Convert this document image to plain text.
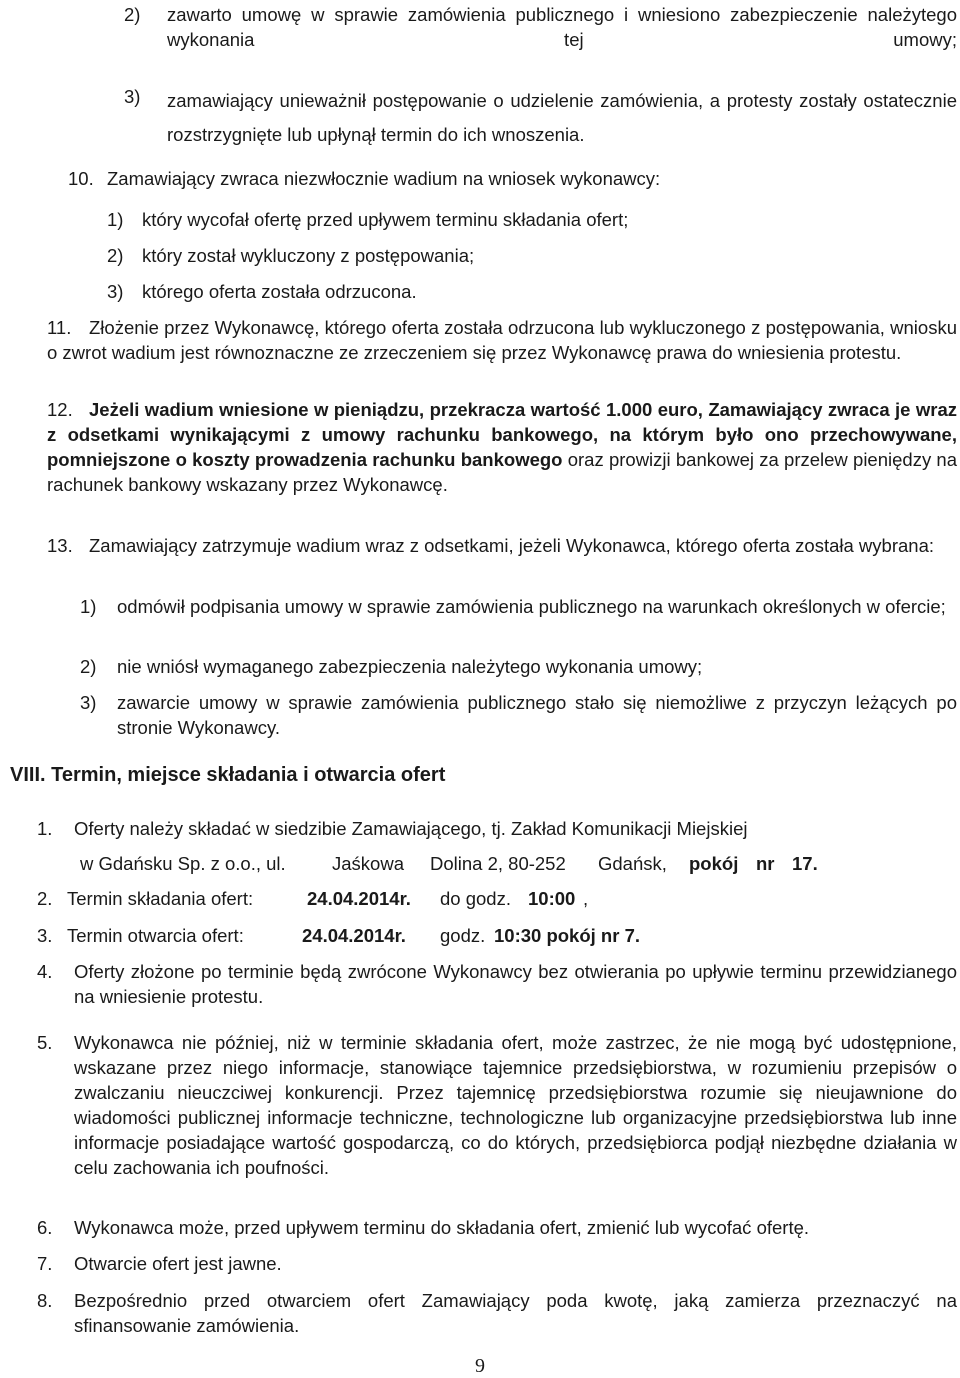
2) zawarto umowę w sprawie zamówienia publicznego i wniesiono zabezpieczenie należytego wykonania tej umowy;
3) zamawiający unieważnił postępowanie o udzielenie zamówienia, a protesty zostały ostatecznie rozstrzygnięte lub upłynął termin do ich wnoszenia.
10. Zamawiający zwraca niezwłocznie wadium na wniosek wykonawcy:
1) który wycofał ofertę przed upływem terminu składania ofert;
2) który został wykluczony z postępowania;
3) którego oferta została odrzucona.
11. Złożenie przez Wykonawcę, którego oferta została odrzucona lub wykluczonego z postępowania, wniosku o zwrot wadium jest równoznaczne ze zrzeczeniem się przez Wykonawcę prawa do wniesienia protestu.
12. Jeżeli wadium wniesione w pieniądzu, przekracza wartość 1.000 euro, Zamawiający zwraca je wraz z odsetkami wynikającymi z umowy rachunku bankowego, na którym było ono przechowywane, pomniejszone o koszty prowadzenia rachunku bankowego oraz prowizji bankowej za przelew pieniędzy na rachunek bankowy wskazany przez Wykonawcę.
13. Zamawiający zatrzymuje wadium wraz z odsetkami, jeżeli Wykonawca, którego oferta została wybrana:
1) odmówił podpisania umowy w sprawie zamówienia publicznego na warunkach określonych w ofercie;
2) nie wniósł wymaganego zabezpieczenia należytego wykonania umowy;
3) zawarcie umowy w sprawie zamówienia publicznego stało się niemożliwe z przyczyn leżących po stronie Wykonawcy.
VIII. Termin, miejsce składania i otwarcia ofert
1. Oferty należy składać w siedzibie Zamawiającego, tj. Zakład Komunikacji Miejskiej
w Gdańsku Sp. z o.o., ul.	Jaśkowa Dolina 2, 80-252 Gdańsk, pokój nr 17.
2. Termin składania ofert:	24.04.2014r. do godz. 10:00 ,
3. Termin otwarcia ofert:	24.04.2014r. godz. 10:30 pokój nr 7.
4. Oferty złożone po terminie będą zwrócone Wykonawcy bez otwierania po upływie terminu przewidzianego na wniesienie protestu.
5. Wykonawca nie później, niż w terminie składania ofert, może zastrzec, że nie mogą być udostępnione, wskazane przez niego informacje, stanowiące tajemnice przedsiębiorstwa, w rozumieniu przepisów o zwalczaniu nieuczciwej konkurencji. Przez tajemnicę przedsiębiorstwa rozumie się nieujawnione do wiadomości publicznej informacje techniczne, technologiczne lub organizacyjne przedsiębiorstwa lub inne informacje posiadające wartość gospodarczą, co do których, przedsiębiorca podjął niezbędne działania w celu zachowania ich poufności.
6. Wykonawca może, przed upływem terminu do składania ofert, zmienić lub wycofać ofertę.
7. Otwarcie ofert jest jawne.
8. Bezpośrednio przed otwarciem ofert Zamawiający poda kwotę, jaką zamierza przeznaczyć na sfinansowanie zamówienia.
9
